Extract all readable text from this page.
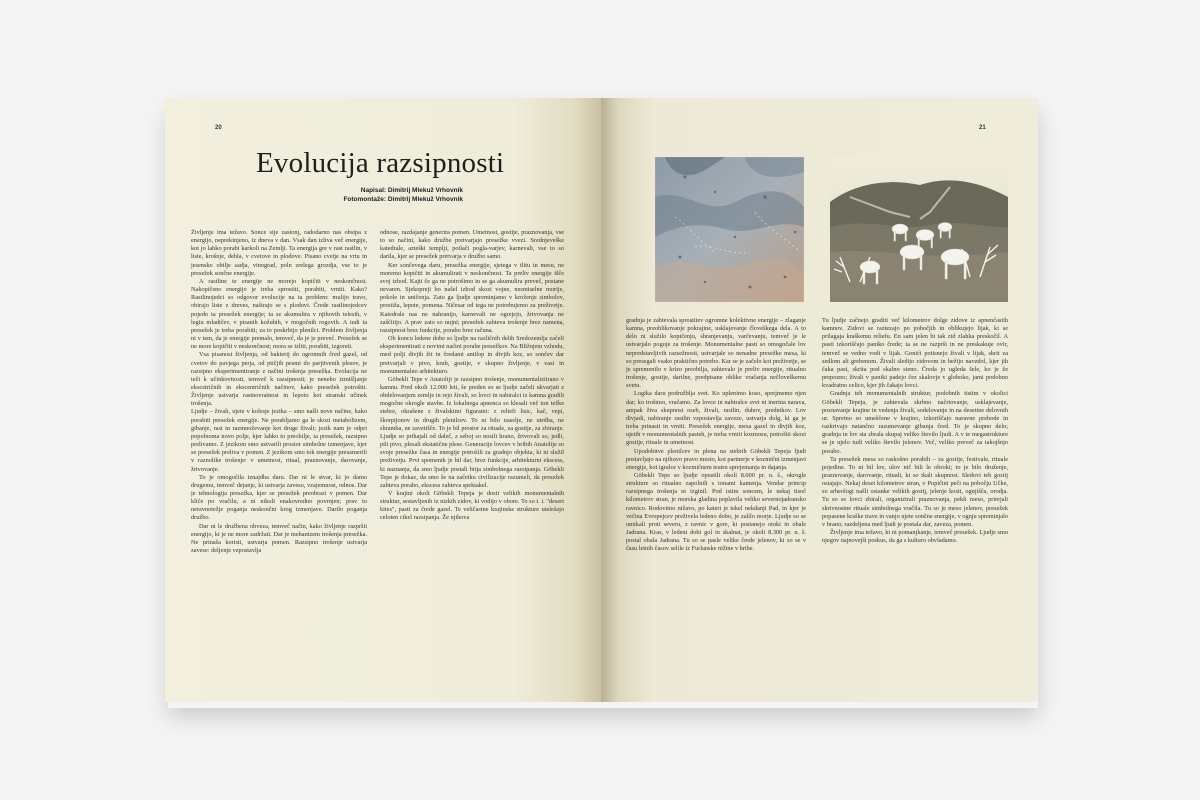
20	21
Evolucija razsipnosti
Napisal: Dimitrij Mlekuž Vrhovnik
Fotomontaže: Dimitrij Mlekuž Vrhovnik

Življenje ima težavo. Sonce sije zastonj, radodarno nas obsipa z energijo, neprekinjeno, iz dneva v dan. Vsak dan izliva več energije, kot jo lahko porabi karkoli na Zemlji. Ta energija gre v rast rastlin, v liste, krošnje, debla, v cvetove in plodove. Pisano cvetje na vrtu in jesensko obilje sadja, vinograd, poln zrelega grozdja, vse to je presežek sončne energije.

A rastline te energije ne morejo kopičiti v neskončnost. Nakopičeno energijo je treba sprostiti, porabiti, vrniti. Kako? Rastlinojedci so odgovor evolucije na ta problem: mulijo travo, obirajo liste z dreves, naširajo se s plodovi. Črede rastlinojedcev pojedo ta presežek energije; ta se akumulira v njihovih telesih, v legiu mladičev, v pisanih kožuhih, v mogočnih rogovih. A tudi ta presežek je treba porabiti; za to poskrbijo plenilci. Problem življenja ni v tem, da je energije premalo, temveč, da je je preveč. Presežek se ne more kopičiti v neskončnost; mora se izliti, porabiti, izgoreti.

Vsa pisanost življenja, od bakterij do ogromnih čred gazel, od cvetov do pavjega perja, od ptičjih pesmi do parjitvenih plesov, je razsipno eksperimentiranje z načini trošenja presežka. Evolucija ne teži k učinkovitosti, temveč k razsipnosti; je neneho izmišljanje ekscetričnih in ekscentričnih načinov, kako presežek potrošiti. Življenje ustvarja rastnovratnost in lepoto kot stranski učinek trošenja.

Ljudje – živali, ujete v kolesje jezika – smo našli nove načine, kako porabiti presežek energije. Ne porabljamo ga le skozi metabolizem, gibanje, rast in razmnoževanje kot druge živali; jezik nam je odpri popolnoma novo polje, kjer lahko to preobilje, ta presežek, razsipno prelivamo. Z jezikom smo ustvarili prostor simbolne izmenjave, kjer se presežek preliva v pomen. Z jezikom smo tok energije preusmerili v raznolike trošenje: v umetnost, ritual, praznovanje, darovanje, žrtvovanje.

To je omogočila iznajdba daru. Dar ni le stvar, ki jo damo drugemu, temveč dejanje, ki ustvarja zaveso, vzajemnost, odnos. Dar je tehnologija presežka, kjer se presežek preobrazi v pomen. Dar kliče po vračilu, a ni nikoli enakovredno povrnjen; prav to neravnotežje poganja neskončni krog izmenjave. Darilo poganja družbo.

Dar ni le družbena obveza, temveč način, kako življenje razpršii energijo, ki je ne more zadržati. Dar je mehanizem trošenja presežka. Ne prinaša koristi, ustvarja pomen. Razsipno trošenje ustvarja zavese: deljenje vzpostavlja

odnose, razdajanje generira pomen. Umetnost, gostije, praznovanja, vse to so načini, kako družbe pretvarjajo presežke vvezi. Srednjeveške katedrale, azteški templji, potlači pogla-varjev, karnevali, vse to so darila, kjer se presežek pretvarja v družbo samo.

Ker sončevega daru, presežka energije, sjetega v tlitu in mesu, ne moremo kopičiti in akumulirati v neskončnost. Ta preliv energije išče svoj izhod. Kajti če ga ne potrošimo in se ga akumulira preveč, postane nevaren. Sjekopreji bo našel izhod skozi vojne, nesmiselne morije, pokole in uničenja. Zato ga ljudje spreminjamo v kroženje simbolov, prestiža, lepotе, pomena. Ničesar od tega ne potrebujemo za preživetje. Katedrale nas ne nahranijo, karnevali ne ogrejejo, žrtvovanja ne zaščitijo. A prav zato so nujni; presežek zahteva trošenje brez namena, razsipnost brez funkcije, porabo brez računa.

Ob koncu ledene dobe so ljudje na različnih delih Sredozemlja začeli eksperimentirati z novimi načini porabe presežkov. Na Bližnjem vzhodu, med polji divjih žit in čredami antilop in divjih koz, so sončev dar pretvarjali v pivo, kruh, gostije, v skupno življenje, v vasi in monumentalno arhitekturo.

Göbekli Tepe v Anatoliji je razsipno trošenje, monumentaliziirano v kamnu. Pred okoli 12.000 leti, še preden so se ljudje začeli ukvarjati z obdelovanjem zemlje in rejo živali, so lovci in nabiralci iz kamna gradili mogočne okrogle stavbe. Iz lokalnega apnenca so klesali več ton težke stebre, okrašene z živalskimi figurami: z reliefi lisic, kač, vepi, škorpijonov in drugih plenilcev. To ni bilo naselje, ne utrdba, ne shramba, ne zavetišče. To je bil prostor za rituale, za gostije, za zbiranje. Ljudje so prihajali od daleč, z seboj so nosili hrano, žrtvovali so, jedli, pili pivo, plesali ekstatične plese. Generacije lovcev v hribih Anatolije so svoje presežke časa in energije potrošili za gradnjo objekta, ki ni služil preživetju. Prvi spomenik je bil dar, brez funkcije, arhitekturni ekscess, ki naznanja, da smo ljudje postali bitja simbolnega razsipanja. Göbekli Tepe je dokaz, da smo še na začetku civilizacije razumeli, da presežek zahteva porabo, ekscess zahteva spektakel.

V krajini okoli Göbekli Tepeja je dosti velikih monumentalnih struktur, sestavljenih iz nizkih zidov, ki vodijo v obore. To so t. i. "desert kites", pasti za črede gazel. Te veličastne krajinske strukture utelešajo celoten cikel razsipanja. Že njihova

gradnja je zahtevala sprostitev ogromne kolektivne energije – zlaganje kamna, preoblikovanje pokrajine, usklajevanje človeškega dela. A to delo ni služilo kopičenju, shranjevanju, varčevanju, temveč je le ustvarjalo pogoje za trošenje. Monumentalne pasti so omogočale lov nepredstavljivih razsežnosti, ustvarjale so nenadne presežke mesa, ki so presegali vsako praktično potrebo. Kar se je začelo kot preživetje, se je spremenilo v krizo preobilja, zahtevalo je preliv energije, ritualno trošenje, gostije, darilne, predpisane oblike vračanja nečloveškemu svetu.

Logika daru podružblja svet. Ko uplenimo koso, sprejmemo njen dar; ko trošimo, vračamo. Za lovce in nabiralce svet ni inertna narava, ampak živa skupnost oseb, živali, rastlin, duhov, prednikov. Lov divjadi, nabiranje rastlin vzpostavlja zaveze, ustvarja dolg, ki ga je treba prinasti in vrniti. Presežek energije, mesa gazel in divjih koz, ujetih v monumentalnih pasteh, je treba vrniti kozmosu, potrošiti skozi gostije, rituale in umetnost.

Upodobitve plenilcev in plena na stebrih Göbekli Tepeja ljudi postavljajo na njihovo pravo mesto, kot partnerje v kozmični izmenjavi energije, kot igralce v kozmičnem teatru sprejemanja in dajanja.

Göbekli Tepe so ljudje opustili okoli 8.000 pr. n. š., okrogle strukture so ritualno zapolnili s tonami kamenja. Vendar princip razsipnega trošenja ni izginil. Pod istim soncem, le nekaj tisoč kilometrov stran, je morska gladina poplavila veliko severnojadransko ravnico. Rodovitno nižavo, po kateri je tekel nekdanji Pad, in kjer je večina Evropejcev preživela ledeno dobo, je zalilo morje. Ljudje so se umikali proti severu, z ravnic v gore, ki postanejo otoki in obale Jadrana. Kras, v ledeni dobi gol in skalnat, je okoli 8.300 pr. n. š. postal obala Jadrana. Tu so se pasle velike črede jelenov, ki so se v času letnih časov selile iz Furlanske nižine v hribe.

Tu ljudje začnejo graditi več kilometrov dolge zidove iz apnenčastih kamnov. Zidovi se raztezajo po pobočjih in oblikujejo lijak, ki se prilagaja kraškemu reliefu. En sam jelen bi tak zid zlahka preskočil. A pasti izkoriščajo paniko črede; ta se ne razprši in ne preskakuje ovir, temveč se vedno vodi v lijak. Gonići potisnejo živali v lijak, skrit za sedlom ali grebenom. Živali sledijo zidovom in bežijo navzdol, kjer jih čaka past, skrita pod skalno steno. Čreda jo ugleda šele, ko je že prepozno; živali v paniki padejo čez skalovje v globoko, jami podobno kvadratno celico, kjer jih čakajo lovci.

Gradnja teh monumentalnih struktur, podobnih tistim v okolici Göbekli Tepeja, je zahtevala skrbno načrtovanje, usklajevanje, poznavanje krajine in vedenja živali, sodelovanje in na desetine delovnih ur. Spretno so umeščene v krajino, izkoriščajo naravne prehode in razkrivajo natančno razumevanje gibanja čred. To je skupno delo; gradnja in lov sta zbrala skupaj veliko število ljudi. A v te megastrukture se je ujelo tudi veliko število jelenov. Več, veliko preveč za takojšnjo porabo.

Ta presežek mesa so raskošno porabili – za gostije, festivale, rituale pojedine. To ni bil lov, ulov nič bili le obroki; to je bilo druženje, praznovanje, darovanje, rituali, ki so tkali skupnost. Sledovi teh gostij ostajajo. Nekaj deset kilometrov stran, v Pupičini peči na pobočju Učke, so arheologi našli ostanke velikih gostij, jelenje kosti, ognjišča, orodja. Tu so se lovci zbirali, organizirali praznovanja, pekli meso, prirejali skrivnostne rituale simbolnega vračila. Tu so je meso jelenov, presežek popasene kraške trave in vanjo ujete sončne energije, v ognju spreminjalo v hrano; razdeljena med ljudi je postala dar, zaveza, pomen.

Življenje ima težavo, ki ni pomanjkanje, temveč presežek. Ljudje smo njegov najnovejši poskus, da ga s kulturo obvladamo.
